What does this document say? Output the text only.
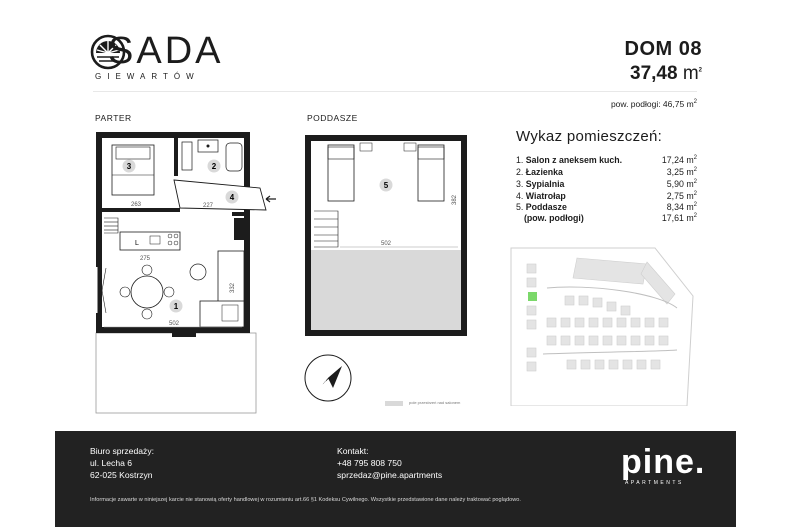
SADA
GIEWARTÓW
DOM 08
37,48 $m^2$
pow. podłogi: 46,75 $m^2$
PARTER	PODDASZE
3	2
4
263	227
L
275
332
1
502
5
382
502
N
pole przestrzeń nad salonem
Wykaz pomieszczeń:
1. Salon z aneksem kuch.	17,24 $m^2$
2. Łazienka	3,25 $m^2$
3. Sypialnia	5,90 $m^2$
4. Wiatrołap	2,75 $m^2$
5. Poddasze	8,34 $m^2$
(pow. podłogi)	17,61 $m^2$
Biuro sprzedaży:
ul. Lecha 6
62-025 Kostrzyn
Kontakt:
+48 795 808 750
sprzedaz@pine.apartments	pine.
APARTMENTS
Informacje zawarte w niniejszej karcie nie stanowią oferty handlowej w rozumieniu art.66 §1 Kodeksu Cywilnego. Wszystkie przedstawione dane należy traktować poglądowo.
